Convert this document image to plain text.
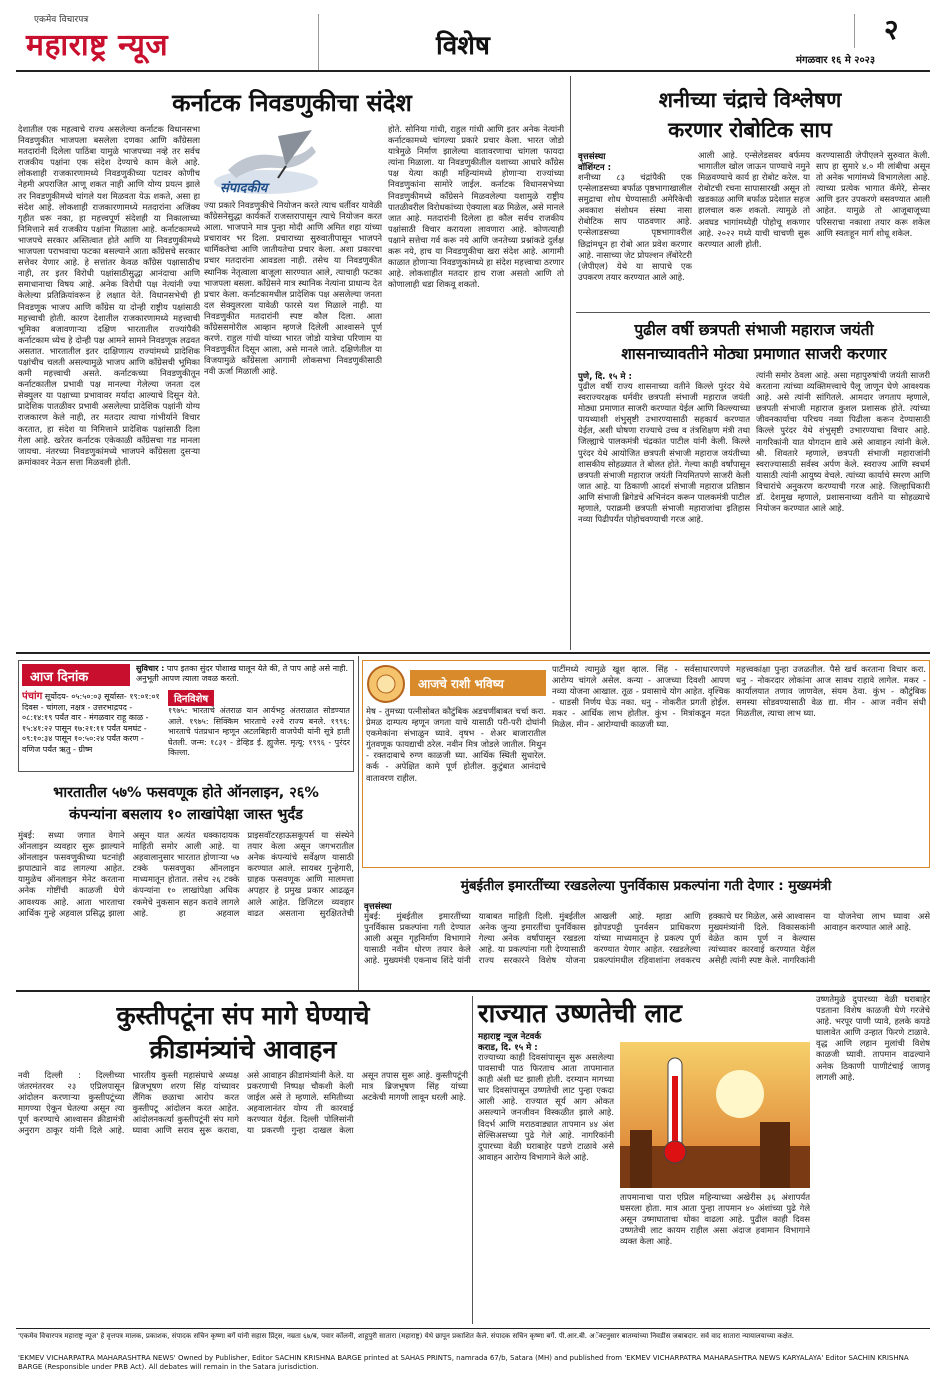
एकमेव विचारपत्र
महाराष्ट्र न्यूज	विशेष	२
मंगळवार १६ मे २०२३
कर्नाटक निवडणुकीचा संदेश
देशातील एक महत्वाचे राज्य असलेल्या कर्नाटक विधानसभा निवडणुकीत भाजपला बसलेला दणका आणि काँग्रेसला मतदारांनी दिलेला पाठिंबा यामुळे भाजपच्या नव्हे तर सर्वच राजकीय पक्षांना एक संदेश देण्याचे काम केले आहे. लोकशाही राजकारणामध्ये निवडणुकीच्या पटावर कोणीच नेहमी अपराजित आणू शकत नाही आणि योग्य प्रयत्न झाले तर निवडणुकीमध्ये चांगले यश मिळवता येऊ शकते, असा हा संदेश आहे. लोकशाही राजकारणामध्ये मतदारांना अजिंक्य गृहीत धरू नका, हा महत्त्वपूर्ण संदेशही या निकालाच्या निमित्ताने सर्व राजकीय पक्षांना मिळाला आहे. कर्नाटकामध्ये भाजपचे सरकार अस्तित्वात होते आणि या निवडणुकीमध्ये भाजपला पराभवाचा फटका बसल्याने आता काँग्रेसचे सरकार सत्तेवर येणार आहे. हे सत्तांतर केवळ काँग्रेस पक्षासाठीच नाही, तर इतर विरोधी पक्षांसाठीसुद्धा आनंदाचा आणि समाधानाचा विषय आहे. अनेक विरोधी पक्ष नेत्यांनी ज्या केलेल्या प्रतिक्रियांवरून हे लक्षात येते. विधानसभेची ही निवडणूक भाजप आणि काँग्रेस या दोन्ही राष्ट्रीय पक्षांसाठी महत्त्वाची होती. कारण देशातील राजकारणामध्ये महत्त्वाची भूमिका बजावणाऱ्या दक्षिण भारतातील राज्यांपैकी कर्नाटकाम ध्येच हे दोन्ही पक्ष आमने सामने निवडणूक लढवत असतात. भारतातील इतर दाक्षिणात्य राज्यांमध्ये प्रादेशिक पक्षांचीच चलती असल्यामुळे भाजप आणि काँग्रेसची भूमिका कमी महत्त्वाची असते. कर्नाटकच्या निवडणुकीतून कर्नाटकातील प्रभावी पक्ष मानल्या गेलेल्या जनता दल सेक्युलर या पक्षाच्या प्रभावावर मर्यादा आल्याचे दिसून येते. प्रादेशिक पातळीवर प्रभावी असलेल्या प्रादेशिक पक्षांनी योग्य राजकारण केले नाही, तर मतदार त्याचा गांभीर्याने विचार करतात, हा संदेश या निमित्ताने प्रादेशिक पक्षांसाठी दिला गेला आहे. खरेतर कर्नाटक एकेकाळी काँग्रेसचा गड मानला जायचा. नंतरच्या निवडणुकांमध्ये भाजपने काँग्रेसला दुसऱ्या क्रमांकावर नेऊन सत्ता मिळवली होती.
संपादकीय
ज्या प्रकारे निवडणुकीचे नियोजन करते त्याच धर्तीवर यावेळी काँग्रेसनेसुद्धा कार्यकर्ते राजस्तरापासून त्याचे नियोजन करत आला. भाजपाने मात्र पुन्हा मोदी आणि अमित शहा यांच्या प्रचारावर भर दिला. प्रचाराच्या सुरुवातीपासून भाजपने धार्मिकतेचा आणि जातीयतेचा प्रचार केला. अशा प्रकारचा प्रचार मतदारांना आवडला नाही. तसेच या निवडणुकीत स्थानिक नेतृत्वाला बाजूला सारण्यात आले, त्याचाही फटका भाजपला बसला. काँग्रेसने मात्र स्थानिक नेत्यांना प्राधान्य देत प्रचार केला. कर्नाटकामधील प्रादेशिक पक्ष असलेल्या जनता दल सेक्युलरला यावेळी फारसे यश मिळाले नाही. या निवडणुकीत मतदारांनी स्पष्ट कौल दिला. आता काँग्रेससमोरील आव्हान म्हणजे दिलेली आश्वासने पूर्ण करणे. राहुल गांधी यांच्या भारत जोडो यात्रेचा परिणाम या निवडणुकीत दिसून आला, असे मानले जाते. दक्षिणेतील या विजयामुळे काँग्रेसला आगामी लोकसभा निवडणुकीसाठी नवी ऊर्जा मिळाली आहे.
होते. सोनिया गांधी, राहुल गांधी आणि इतर अनेक नेत्यांनी कर्नाटकामध्ये चांगल्या प्रकारे प्रचार केला. भारत जोडो यात्रेमुळे निर्माण झालेल्या वातावरणाचा चांगला फायदा त्यांना मिळाला. या निवडणुकीतील यशाच्या आधारे काँग्रेस पक्ष येत्या काही महिन्यांमध्ये होणाऱ्या राज्यांच्या निवडणुकांना सामोरे जाईल. कर्नाटक विधानसभेच्या निवडणुकीमध्ये काँग्रेसने मिळवलेल्या यशामुळे राष्ट्रीय पातळीवरील विरोधकांच्या ऐक्याला बळ मिळेल, असे मानले जात आहे. मतदारांनी दिलेला हा कौल सर्वच राजकीय पक्षांसाठी विचार करायला लावणारा आहे. कोणत्याही पक्षाने सत्तेचा गर्व करू नये आणि जनतेच्या प्रश्नांकडे दुर्लक्ष करू नये, हाच या निवडणुकीचा खरा संदेश आहे. आगामी काळात होणाऱ्या निवडणुकांमध्ये हा संदेश महत्त्वाचा ठरणार आहे. लोकशाहीत मतदार हाच राजा असतो आणि तो कोणालाही धडा शिकवू शकतो.
शनीच्या चंद्राचे विश्लेषण
करणार रोबोटिक साप
वृत्तसंस्था
वॉशिंग्टन :
शनीच्या ८३ चंद्रांपैकी एक एन्सेलाडसच्या बर्फाळ पृष्ठभागाखालील समुद्राचा शोध घेण्यासाठी अमेरिकेची अवकाश संशोधन संस्था नासा रोबोटिक साप पाठवणार आहे. एन्सेलाडसच्या पृष्ठभागावरील छिद्रांमधून हा रोबो आत प्रवेश करणार आहे. नासाच्या जेट प्रोपल्शन लॅबोरेटरी (जेपीएल) येथे या सापाचे एक उपकरण तयार करण्यात आले आहे.
आली आहे. एन्सेलेडसवर बर्फमय भागातील खोल जाऊन पाण्याचे नमुने मिळवण्याचे कार्य हा रोबोट करेल. या रोबोटची रचना सापासारखी असून तो खडकाळ आणि बर्फाळ प्रदेशात सहज हालचाल करू शकतो. त्यामुळे तो अवघड भागांमध्येही पोहोचू शकणार आहे. २०२२ मध्ये याची चाचणी सुरू करण्यात आली होती.
करण्यासाठी जेपीएलने सुरुवात केली. साप हा सुमारे ४.० मी लांबीचा असून तो अनेक भागांमध्ये विभागलेला आहे. त्याच्या प्रत्येक भागात कॅमेरे, सेन्सर आणि इतर उपकरणे बसवण्यात आली आहेत. यामुळे तो आजूबाजूच्या परिसराचा नकाशा तयार करू शकेल आणि स्वतःहून मार्ग शोधू शकेल.
पुढील वर्षी छत्रपती संभाजी महाराज जयंती
शासनाच्यावतीने मोठ्या प्रमाणात साजरी करणार
पुणे, दि. १५ मे :
पुढील वर्षी राज्य शासनाच्या वतीने किल्ले पुरंदर येथे स्वराज्यरक्षक धर्मवीर छत्रपती संभाजी महाराज जयंती मोठ्या प्रमाणात साजरी करण्यात येईल आणि किल्ल्याच्या पायथ्याशी शंभुसृष्टी उभारण्यासाठी सहकार्य करण्यात येईल, अशी घोषणा राज्याचे उच्च व तंत्रशिक्षण मंत्री तथा जिल्ह्याचे पालकमंत्री चंद्रकांत पाटील यांनी केली. किल्ले पुरंदर येथे आयोजित छत्रपती संभाजी महाराज जयंतीच्या शासकीय सोहळ्यात ते बोलत होते. गेल्या काही वर्षांपासून छत्रपती संभाजी महाराज जयंती नियमितपणे साजरी केली जात आहे. या ठिकाणी आदर्श संभाजी महाराज प्रतिष्ठान आणि संभाजी ब्रिगेडचे अभिनंदन करून पालकमंत्री पाटील म्हणाले, पराक्रमी छत्रपती संभाजी महाराजांचा इतिहास नव्या पिढीपर्यंत पोहोचवण्याची गरज आहे.
त्यांनी समोर ठेवला आहे. असा महापुरुषांची जयंती साजरी करताना त्यांच्या व्यक्तिमत्त्वाचे पैलू जाणून घेणे आवश्यक आहे. असे त्यांनी सांगितले. आमदार जगताप म्हणाले, छत्रपती संभाजी महाराज कुशल प्रशासक होते. त्यांच्या जीवनकार्याचा परिचय नव्या पिढीला करून देण्यासाठी किल्ले पुरंदर येथे शंभुसृष्टी उभारण्याचा विचार आहे. नागरिकांनी यात योगदान द्यावे असे आवाहन त्यांनी केले. श्री. शिवतारे म्हणाले, छत्रपती संभाजी महाराजांनी स्वराज्यासाठी सर्वस्व अर्पण केले. स्वराज्य आणि स्वधर्म यासाठी त्यांनी आयुष्य वेचले. त्यांच्या कार्याचे स्मरण आणि विचारांचे अनुकरण करण्याची गरज आहे. जिल्हाधिकारी डॉ. देशमुख म्हणाले, प्रशासनाच्या वतीने या सोहळ्याचे नियोजन करण्यात आले आहे.
आज दिनांक
सुविचार : पाप इतका सुंदर पोशाख घालून येते की, ते पाप आहे असे नाही. अनुभूती आपण त्याला जवळ करतो.
पंचांग सूर्योदय- ०५:५०:०३ सूर्यास्त- १९:०१:०१ दिवस - चांगला, नक्षत्र - उत्तरभाद्रपद - ०८:१४:१९ पर्यंत वार - मंगळवार राहू काळ - १५:४१:२२ पासून १७:२१:११ पर्यंत यमघंट - ०९:१०:३४ पासून १०:५०:२४ पर्यंत करण - वणिज पर्यंत ऋतु - ग्रीष्म
दिनविशेष
१९७५: भारताचे अंतराळ यान आर्यभट्ट अंतराळात सोडण्यात आले. १९७५: सिक्किम भारताचे २२वे राज्य बनले. १९९६: भारताचे पंतप्रधान म्हणून अटलबिहारी वाजपेयी यांनी सूत्रे हाती घेतली. जन्म: १८३१ - डेव्हिड ई. ह्युजेस. मृत्यू: १९९६ - पुरंदर किल्ला.
भारतातील ५७% फसवणूक होते ऑनलाइन, २६%
कंपन्यांना बसलाय १० लाखांपेक्षा जास्त भुर्दंड
मुंबई: सध्या जगात वेगाने ऑनलाइन व्यवहार सुरू झाल्याने ऑनलाइन फसवणुकीच्या घटनांही झपाट्याने वाढ लागल्या आहेत. यामुळेच ऑनलाइन मेनेट करताना अनेक गोष्टींची काळजी घेणे आवश्यक आहे. आता भारताचा आर्थिक गुन्हे अहवाल प्रसिद्ध झाला असून यात अत्यंत धक्कादायक माहिती समोर आली आहे. या अहवालानुसार भारतात होणाऱ्या ५७ टक्के फसवणुका ऑनलाइन माध्यमातून होतात. तसेच २६ टक्के कंपन्यांना १० लाखांपेक्षा अधिक रकमेचे नुकसान सहन करावे लागले आहे. हा अहवाल प्राइसवॉटरहाऊसकूपर्स या संस्थेने तयार केला असून जगभरातील अनेक कंपन्यांचे सर्वेक्षण यासाठी करण्यात आले. सायबर गुन्हेगारी, ग्राहक फसवणूक आणि मालमत्ता अपहार हे प्रमुख प्रकार आढळून आले आहेत. डिजिटल व्यवहार वाढत असताना सुरक्षिततेची
आजचे राशी भविष्य
मेष - तुमच्या पत्नीसोबत कौटुंबिक अडचणींबाबत चर्चा करा. प्रेमळ दाम्पत्य म्हणून जगता याचे यासाठी परी-परी दोघांनी एकमेकांना संभाळुन घ्यावे. वृषभ - शेअर बाजारातील गुंतवणूक फायद्याची ठरेल. नवीन मित्र जोडले जातील. मिथुन - रक्तदाबाचे रुग्ण काळजी घ्या. आर्थिक स्थिती सुधारेल. कर्क - अपेक्षित कामे पूर्ण होतील. कुटुंबात आनंदाचे वातावरण राहील.
पाटींमध्ये त्यामुळे खूश व्हाल. सिंह - सर्वसाधारणपणे आरोग्य चांगले असेल. कन्या - आजच्या दिवशी आपण नव्या योजना आखाल. तूळ - प्रवासाचे योग आहेत. वृश्चिक - धाडसी निर्णय घेऊ नका. धनु - नोकरीत प्रगती होईल. मकर - आर्थिक लाभ होतील. कुंभ - मित्रांकडून मदत मिळेल. मीन - आरोग्याची काळजी घ्या.
महत्त्वकांक्षा पुन्हा उजळतील. पैसे खर्च करताना विचार करा. धनु - नोकरदार लोकांना आज सावध राहावे लागेल. मकर - कार्यालयात तणाव जाणवेल, संयम ठेवा. कुंभ - कौटुंबिक समस्या सोडवण्यासाठी वेळ द्या. मीन - आज नवीन संधी मिळतील, त्याचा लाभ घ्या.
मुंबईतील इमारतींच्या रखडलेल्या पुनर्विकास प्रकल्पांना गती देणार : मुख्यमंत्री
वृत्तसंस्था
मुंबई: मुंबईतील इमारतींच्या पुनर्विकास प्रकल्पांना गती देण्यात आली असून गृहनिर्माण विभागाने यासाठी नवीन धोरण तयार केले आहे. मुख्यमंत्री एकनाथ शिंदे यांनी याबाबत माहिती दिली. मुंबईतील अनेक जुन्या इमारतींचा पुनर्विकास गेल्या अनेक वर्षांपासून रखडला आहे. या प्रकल्पांना गती देण्यासाठी राज्य सरकारने विशेष योजना आखली आहे. म्हाडा आणि झोपडपट्टी पुनर्वसन प्राधिकरण यांच्या माध्यमातून हे प्रकल्प पूर्ण करण्यात येणार आहेत. रखडलेल्या प्रकल्पांमधील रहिवाशांना लवकरच हक्काचे घर मिळेल, असे आश्वासन मुख्यमंत्र्यांनी दिले. विकासकांनी वेळेत काम पूर्ण न केल्यास त्यांच्यावर कारवाई करण्यात येईल असेही त्यांनी स्पष्ट केले. नागरिकांनी या योजनेचा लाभ घ्यावा असे आवाहन करण्यात आले आहे.
कुस्तीपटूंना संप मागे घेण्याचे
क्रीडामंत्र्यांचे आवाहन
नवी दिल्ली : दिल्लीच्या जंतरमंतरवर २३ एप्रिलपासून आंदोलन करणाऱ्या कुस्तीपटूंच्या मागण्या ऐकून घेतल्या असून त्या पूर्ण करण्याचे आश्वासन क्रीडामंत्री अनुराग ठाकूर यांनी दिले आहे. भारतीय कुस्ती महासंघाचे अध्यक्ष ब्रिजभूषण शरण सिंह यांच्यावर लैंगिक छळाचा आरोप करत कुस्तीपटू आंदोलन करत आहेत. आंदोलनकर्त्या कुस्तीपटूंनी संप मागे घ्यावा आणि सराव सुरू करावा, असे आवाहन क्रीडामंत्र्यांनी केले. या प्रकरणाची निष्पक्ष चौकशी केली जाईल असे ते म्हणाले. समितीच्या अहवालानंतर योग्य ती कारवाई करण्यात येईल. दिल्ली पोलिसांनी या प्रकरणी गुन्हा दाखल केला असून तपास सुरू आहे. कुस्तीपटूंनी मात्र ब्रिजभूषण सिंह यांच्या अटकेची मागणी लावून धरली आहे.
राज्यात उष्णतेची लाट
महाराष्ट्र न्यूज नेटवर्क
कराड, दि. १५ मे :
राज्याच्या काही दिवसांपासून सुरू असलेल्या पावसाची पाठ फिरताच आता तापमानात काही अंशी घट झाली होती. दरम्यान मागच्या चार दिवसांपासून उष्णतेची लाट पुन्हा एकदा आली आहे. राज्यात सूर्य आग ओकत असल्याने जनजीवन विस्कळीत झाले आहे. विदर्भ आणि मराठवाड्यात तापमान ४४ अंश सेल्सिअसच्या पुढे गेले आहे. नागरिकांनी दुपारच्या वेळी घराबाहेर पडणे टाळावे असे आवाहन आरोग्य विभागाने केले आहे.
तापमानाचा पारा एप्रिल महिन्याच्या अखेरीस ३६ अंशापर्यंत घसरला होता. मात्र आता पुन्हा तापमान ४० अंशांच्या पुढे गेले असून उष्माघाताचा धोका वाढला आहे. पुढील काही दिवस उष्णतेची लाट कायम राहील असा अंदाज हवामान विभागाने व्यक्त केला आहे.
उष्णतेमुळे दुपारच्या वेळी घराबाहेर पडताना विशेष काळजी घेणे गरजेचे आहे. भरपूर पाणी प्यावे, हलके कपडे घालावेत आणि उन्हात फिरणे टाळावे. वृद्ध आणि लहान मुलांची विशेष काळजी घ्यावी. तापमान वाढल्याने अनेक ठिकाणी पाणीटंचाई जाणवू लागली आहे.
'एकमेव विचारपत्र महाराष्ट्र न्यूज' हे वृत्तपत्र मालक, प्रकाशक, संपादक सचिन कृष्णा बर्गे यांनी सहास प्रिंट्स, नम्रता ६७/ब, पवार कॉलनी, शाहूपुरी सातारा (महाराष्ट्र) येथे छापून प्रकाशित केले. संपादक सचिन कृष्णा बर्गे. पी.आर.बी. अॅक्टनुसार बातम्यांच्या निवडीस जबाबदार. सर्व वाद सातारा न्यायालयाच्या कक्षेत.
'EKMEV VICHARPATRA MAHARASHTRA NEWS' Owned by Publisher, Editor SACHIN KRISHNA BARGE printed at SAHAS PRINTS, namrada 67/b, Satara (MH) and published from 'EKMEV VICHARPATRA MAHARASHTRA NEWS KARYALAYA' Editor SACHIN KRISHNA BARGE (Responsible under PRB Act). All debates will remain in the Satara jurisdiction.
